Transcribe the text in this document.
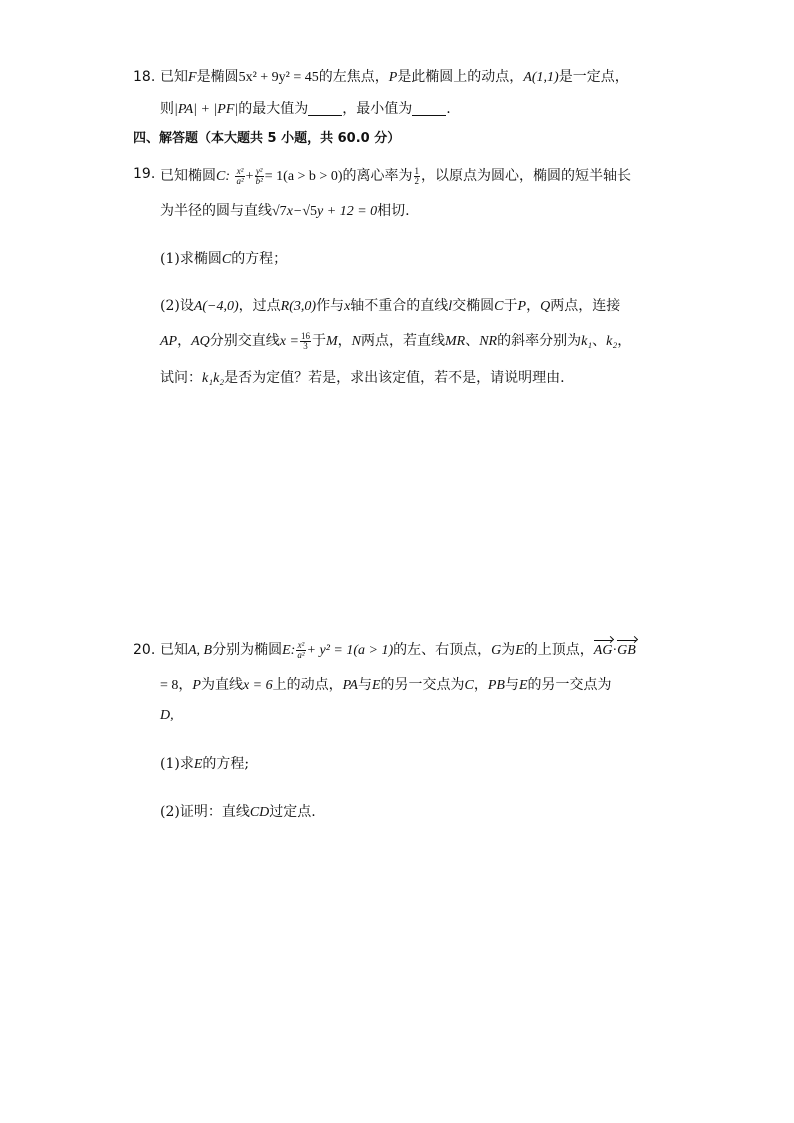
18. 已知F是椭圆5x² + 9y² = 45的左焦点，P是此椭圆上的动点，A(1,1)是一定点，
则|PA| + |PF|的最大值为 ，最小值为 .
四、解答题（本大题共 5 小题，共 60.0 分）
19. 已知椭圆C: $\frac{\text{x²}}{\text{a²}} + \frac{\text{y²}}{\text{b²}} = 1(a > b > 0)$的离心率为 $\frac{1}{2}$ ，以原点为圆心，椭圆的短半轴长
为半径的圆与直线√7x−√5y + 12 = 0相切.
(1)求椭圆C的方程；
(2)设A(−4,0)，过点R(3,0)作与x轴不重合的直线l交椭圆C于P，Q两点，连接
AP，AQ分别交直线$x = \frac{16}{3}$ 于M，N两点，若直线MR、NR的斜率分别为k₁、k₂，
试问：k₁k₂是否为定值？若是，求出该定值，若不是，请说明理由.
20. 已知A, B分别为椭圆E: $\frac{\text{x²}}{\text{a²}} + y^2 = 1(a > 1)$的左、右顶点，G为E的上顶点，AG·GB
= 8，P为直线x = 6上的动点，PA与E的另一交点为C，PB与E的另一交点为
D,
(1)求E的方程;
(2)证明：直线CD过定点.
